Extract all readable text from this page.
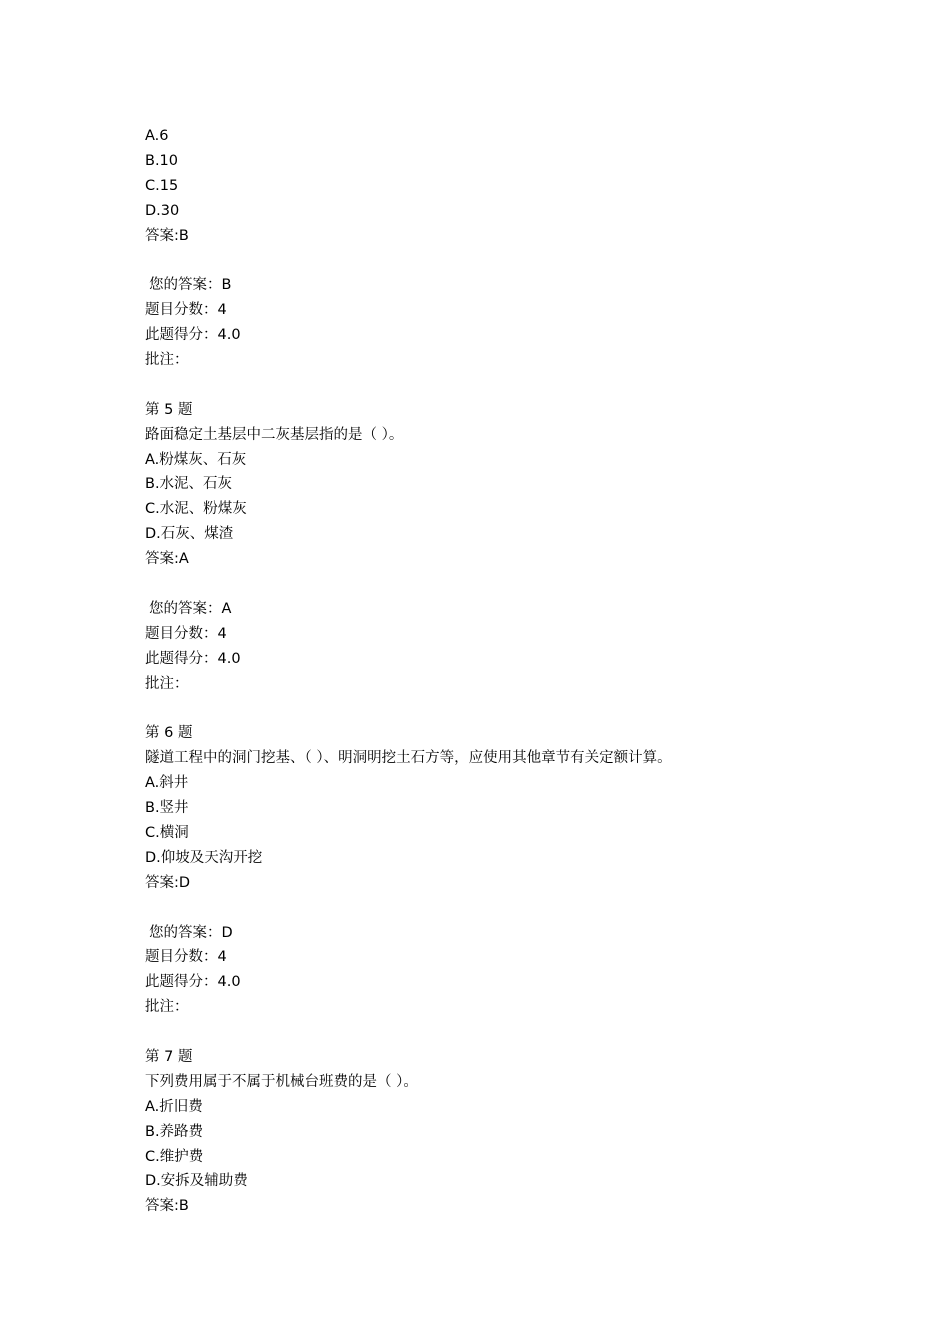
A.6
B.10
C.15
D.30
答案:B
您的答案：B
题目分数：4
此题得分：4.0
批注：
第 5 题
路面稳定土基层中二灰基层指的是（ ）。
A.粉煤灰、石灰
B.水泥、石灰
C.水泥、粉煤灰
D.石灰、煤渣
答案:A
您的答案：A
题目分数：4
此题得分：4.0
批注：
第 6 题
隧道工程中的洞门挖基、（ ）、明洞明挖土石方等，应使用其他章节有关定额计算。
A.斜井
B.竖井
C.横洞
D.仰坡及天沟开挖
答案:D
您的答案：D
题目分数：4
此题得分：4.0
批注：
第 7 题
下列费用属于不属于机械台班费的是（ ）。
A.折旧费
B.养路费
C.维护费
D.安拆及辅助费
答案:B
